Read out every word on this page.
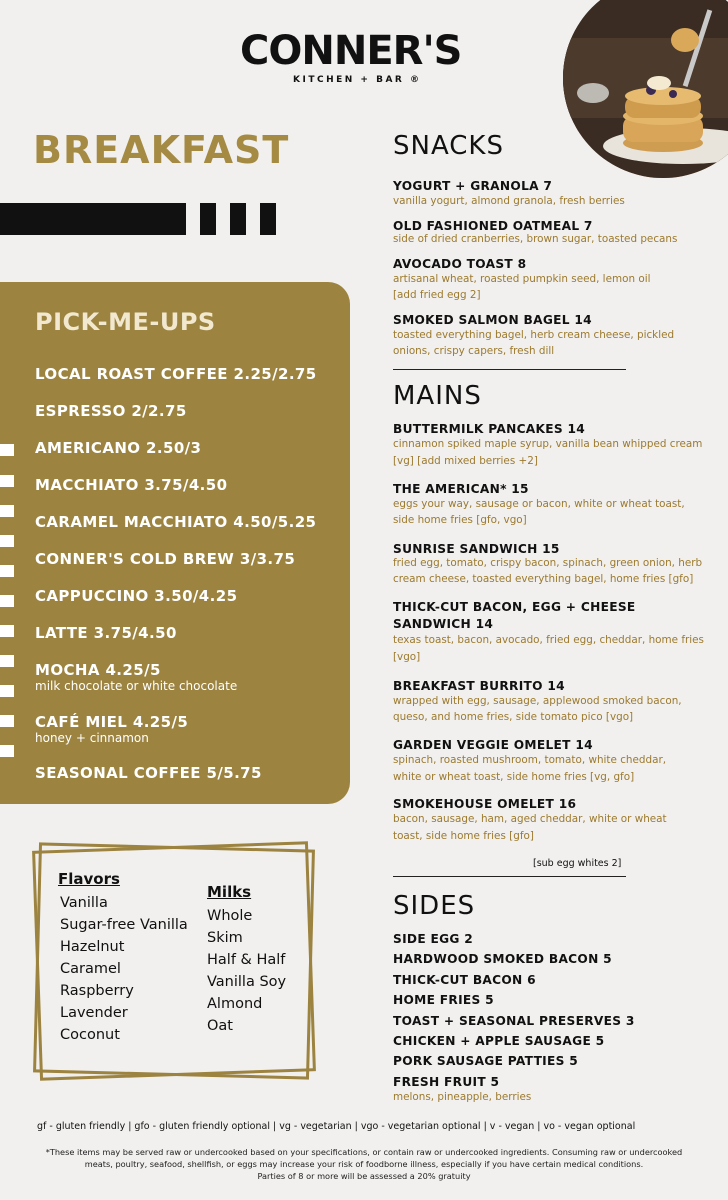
CONNER'S
KITCHEN + BAR ®
BREAKFAST
PICK-ME-UPS
LOCAL ROAST COFFEE 2.25/2.75
ESPRESSO 2/2.75
AMERICANO 2.50/3
MACCHIATO 3.75/4.50
CARAMEL MACCHIATO 4.50/5.25
CONNER'S COLD BREW 3/3.75
CAPPUCCINO 3.50/4.25
LATTE 3.75/4.50
MOCHA 4.25/5
milk chocolate or white chocolate
CAFÉ MIEL 4.25/5
honey + cinnamon
SEASONAL COFFEE 5/5.75
Flavors
Vanilla
Sugar-free Vanilla
Hazelnut
Caramel
Raspberry
Lavender
Coconut
Milks
Whole
Skim
Half & Half
Vanilla Soy
Almond
Oat
SNACKS
YOGURT + GRANOLA 7
vanilla yogurt, almond granola, fresh berries
OLD FASHIONED OATMEAL 7
side of dried cranberries, brown sugar, toasted pecans
AVOCADO TOAST 8
artisanal wheat, roasted pumpkin seed, lemon oil
[add fried egg 2]
SMOKED SALMON BAGEL 14
toasted everything bagel, herb cream cheese, pickled
onions, crispy capers, fresh dill
MAINS
BUTTERMILK PANCAKES 14
cinnamon spiked maple syrup, vanilla bean whipped cream
[vg] [add mixed berries +2]
THE AMERICAN* 15
eggs your way, sausage or bacon, white or wheat toast,
side home fries [gfo, vgo]
SUNRISE SANDWICH 15
fried egg, tomato, crispy bacon, spinach, green onion, herb
cream cheese, toasted everything bagel, home fries [gfo]
THICK-CUT BACON, EGG + CHEESE
SANDWICH 14
texas toast, bacon, avocado, fried egg, cheddar, home fries
[vgo]
BREAKFAST BURRITO 14
wrapped with egg, sausage, applewood smoked bacon,
queso, and home fries, side tomato pico [vgo]
GARDEN VEGGIE OMELET 14
spinach, roasted mushroom, tomato, white cheddar,
white or wheat toast, side home fries [vg, gfo]
SMOKEHOUSE OMELET 16
bacon, sausage, ham, aged cheddar, white or wheat
toast, side home fries [gfo]
[sub egg whites 2]
SIDES
SIDE EGG 2
HARDWOOD SMOKED BACON 5
THICK-CUT BACON 6
HOME FRIES 5
TOAST + SEASONAL PRESERVES 3
CHICKEN + APPLE SAUSAGE 5
PORK SAUSAGE PATTIES 5
FRESH FRUIT 5
melons, pineapple, berries
gf - gluten friendly | gfo - gluten friendly optional | vg - vegetarian | vgo - vegetarian optional | v - vegan | vo - vegan optional
*These items may be served raw or undercooked based on your specifications, or contain raw or undercooked ingredients. Consuming raw or undercooked
meats, poultry, seafood, shellfish, or eggs may increase your risk of foodborne illness, especially if you have certain medical conditions.
Parties of 8 or more will be assessed a 20% gratuity
